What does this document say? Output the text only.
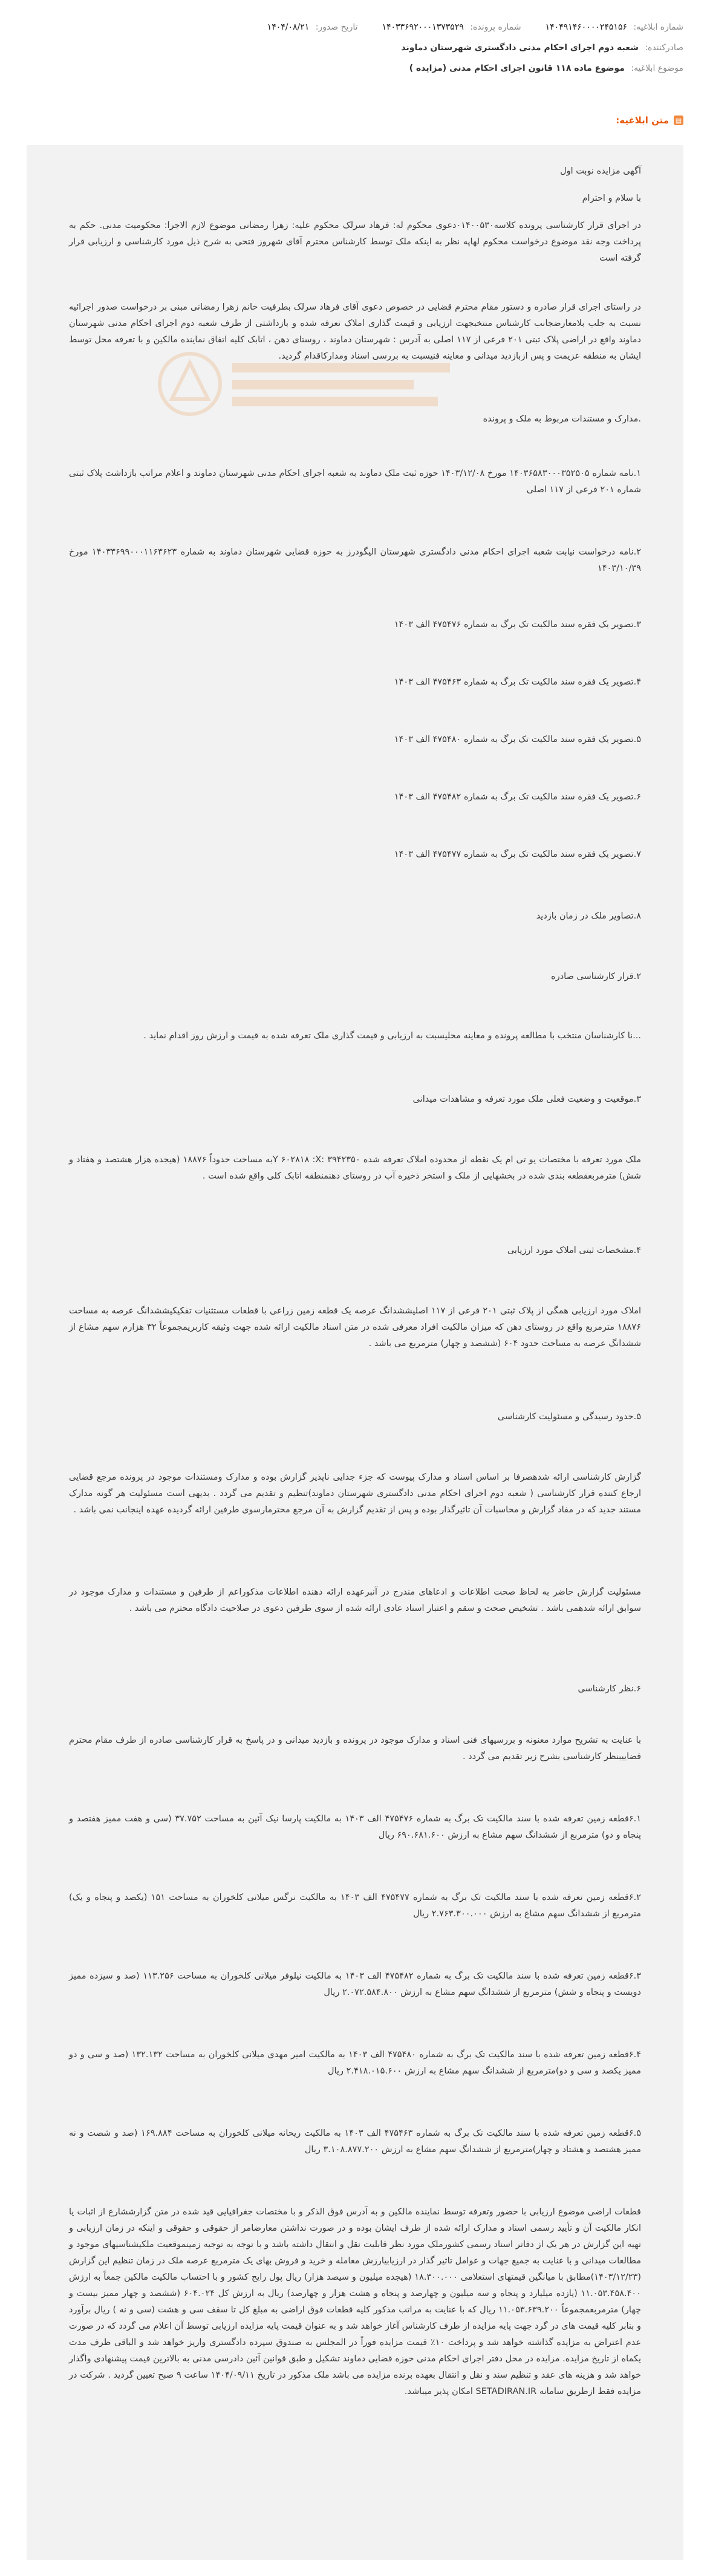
شماره ابلاغیه: ۱۴۰۴۹۱۴۶۰۰۰۰۲۴۵۱۵۶
شماره پرونده: ۱۴۰۳۳۶۹۲۰۰۰۱۳۷۳۵۲۹
تاریخ صدور: ۱۴۰۴/۰۸/۲۱
صادرکننده: شعبه دوم اجرای احکام مدنی دادگستری شهرستان دماوند
موضوع ابلاغیه: موضوع ماده ۱۱۸ قانون اجرای احکام مدنی (مزایده )
▤
متن ابلاغیه:

آگهی مزایده نوبت اول

با سلام و احترام

در اجرای قرار کارشناسی پرونده کلاسه۰۱۴۰۰۵۳۰دعوی محکوم له: فرهاد سرلک محکوم علیه: زهرا رمضانی موضوع لازم الاجرا: محکومیت مدنی. حکم به پرداخت وجه نقد موضوع درخواست محکوم لهاپه نظر به اینکه ملک توسط کارشناس محترم آقای شهروز فتحی به شرح ذیل مورد کارشناسی و ارزیابی قرار گرفته است

در راستای اجرای قرار صادره و دستور مقام محترم قضایی در خصوص دعوی آقای فرهاد سرلک بطرفیت خانم زهرا رمضانی مبنی بر درخواست صدور اجرائیه نسبت به جلب بلامعارضجانب کارشناس منتخبجهت ارزیابی و قیمت گذاری املاک تعرفه شده و بازداشتی از طرف شعبه دوم اجرای احکام مدنی شهرستان دماوند واقع در اراضی پلاک ثبتی ۲۰۱ فرعی از ۱۱۷ اصلی به آدرس : شهرستان دماوند ، روستای دهن ، اتابک کلیه اتفاق نماینده مالکین و با تعرفه محل توسط ایشان به منطقه عزیمت و پس ازبازدید میدانی و معاینه فنیسبت به بررسی اسناد ومدارکاقدام گردید.

.مدارک و مستندات مربوط به ملک و پرونده

۱.نامه شماره ۱۴۰۳۶۵۸۳۰۰۰۳۵۲۵۰۵ مورخ ۱۴۰۳/۱۲/۰۸ حوزه ثبت ملک دماوند به شعبه اجرای احکام مدنی شهرستان دماوند و اعلام مراتب بازداشت پلاک ثبتی شماره ۲۰۱ فرعی از ۱۱۷ اصلی

۲.نامه درخواست نیابت شعبه اجرای احکام مدنی دادگستری شهرستان الیگودرز به حوزه قضایی شهرستان دماوند به شماره ۱۴۰۳۳۶۹۹۰۰۰۱۱۶۳۶۲۳ مورخ ۱۴۰۳/۱۰/۳۹

۳.تصویر یک فقره سند مالکیت تک برگ به شماره ۴۷۵۴۷۶ الف ۱۴۰۳

۴.تصویر یک فقره سند مالکیت تک برگ به شماره ۴۷۵۴۶۳ الف ۱۴۰۳

۵.تصویر یک فقره سند مالکیت تک برگ به شماره ۴۷۵۴۸۰ الف ۱۴۰۳

۶.تصویر یک فقره سند مالکیت تک برگ به شماره ۴۷۵۴۸۲ الف ۱۴۰۳

۷.تصویر یک فقره سند مالکیت تک برگ به شماره ۴۷۵۴۷۷ الف ۱۴۰۳

۸.تصاویر ملک در زمان بازدید

۲.قرار کارشناسی صادره

...نا کارشناسان منتخب با مطالعه پرونده و معاینه محلیسبت به ارزیابی و قیمت گذاری ملک تعرفه شده به قیمت و ارزش روز اقدام نماید .

۳.موقعیت و وضعیت فعلی ملک مورد تعرفه و مشاهدات میدانی

ملک مورد تعرفه با مختصات یو تی ام یک نقطه از محدوده املاک تعرفه شده ۳۹۴۲۳۵۰ :Y ۶۰۲۸۱۸ :Xبه مساحت حدوداً ۱۸۸۷۶ (هیجده هزار هشتصد و هفتاد و شش) مترمربعقطعه بندی شده در بخشهایی از ملک و استخر ذخیره آب در روستای دهنمنطقه اتابک کلی واقع شده است .

۴.مشخصات ثبتی املاک مورد ارزیابی

املاک مورد ارزیابی همگی از پلاک ثبتی ۲۰۱ فرعی از ۱۱۷ اصلیششدانگ عرصه یک قطعه زمین زراعی با قطعات مستثنیات تفکیکیششدانگ عرصه به مساحت ۱۸۸۷۶ مترمربع واقع در روستای دهن که میزان مالکیت افراد معرفی شده در متن اسناد مالکیت ارائه شده جهت وثیقه کاربریمجموعاً ۳۲ هزارم سهم مشاع از ششدانگ عرصه به مساحت حدود ۶۰۴ (ششصد و چهار) مترمربع می باشد .

۵.حدود رسیدگی و مسئولیت کارشناسی

گزارش کارشناسی ارائه شدهصرفا بر اساس اسناد و مدارک پیوست که جزء جدایی ناپذیر گزارش بوده و مدارک ومستندات موجود در پرونده مرجع قضایی ارجاع کننده قرار کارشناسی ( شعبه دوم اجرای احکام مدنی دادگستری شهرستان دماوند)تنظیم و تقدیم می گردد . بدیهی است مسئولیت هر گونه مدارک مستند جدید که در مفاد گزارش و محاسبات آن تاثیرگذار بوده و پس از تقدیم گزارش به آن مرجع محترمارسوی طرفین ارائه گردیده عهده اینجانب نمی باشد .

مسئولیت گزارش حاضر به لحاظ صحت اطلاعات و ادعاهای مندرج در آنبرعهده ارائه دهنده اطلاعات مذکوراعم از طرفین و مستندات و مدارک موجود در سوابق ارائه شدهمی باشد . تشخیص صحت و سقم و اعتبار اسناد عادی ارائه شده از سوی طرفین دعوی در صلاحیت دادگاه محترم می باشد .

۶.نظر کارشناسی

با عنایت به تشریح موارد معنونه و بررسیهای فنی اسناد و مدارک موجود در پرونده و بازدید میدانی و در پاسخ به قرار کارشناسی صادره از طرف مقام محترم قضاییبنظر کارشناسی بشرح زیر تقدیم می گردد .

۶.۱قطعه زمین تعرفه شده با سند مالکیت تک برگ به شماره ۴۷۵۴۷۶ الف ۱۴۰۳ به مالکیت پارسا نیک آئین به مساحت ۳۷.۷۵۲ (سی و هفت ممیز هفتصد و پنجاه و دو) مترمربع از ششدانگ سهم مشاع به ارزش ۶۹۰.۶۸۱.۶۰۰ ریال

۶.۲قطعه زمین تعرفه شده با سند مالکیت تک برگ به شماره ۴۷۵۴۷۷ الف ۱۴۰۳ به مالکیت نرگس میلانی کلخوران به مساحت ۱۵۱ (یکصد و پنجاه و یک) مترمربع از ششدانگ سهم مشاع به ارزش ۲.۷۶۳.۳۰۰.۰۰۰ ریال

۶.۳قطعه زمین تعرفه شده با سند مالکیت تک برگ به شماره ۴۷۵۴۸۲ الف ۱۴۰۳ به مالکیت نیلوفر میلانی کلخوران به مساحت ۱۱۳.۲۵۶ (صد و سیزده ممیز دویست و پنجاه و شش) مترمربع از ششدانگ سهم مشاع به ارزش ۲.۰۷۲.۵۸۴.۸۰۰ ریال

۶.۴قطعه زمین تعرفه شده با سند مالکیت تک برگ به شماره ۴۷۵۴۸۰ الف ۱۴۰۳ به مالکیت امیر مهدی میلانی کلخوران به مساحت ۱۳۲.۱۳۲ (صد و سی و دو ممیز یکصد و سی و دو)مترمربع از ششدانگ سهم مشاع به ارزش ۲.۴۱۸.۰۱۵.۶۰۰ ریال

۶.۵قطعه زمین تعرفه شده با سند مالکیت تک برگ به شماره ۴۷۵۴۶۳ الف ۱۴۰۳ به مالکیت ریحانه میلانی کلخوران به مساحت ۱۶۹.۸۸۴ (صد و شصت و نه ممیز هشتصد و هشتاد و چهار)مترمربع از ششدانگ سهم مشاع به ارزش ۳.۱۰۸.۸۷۷.۲۰۰ ریال

قطعات اراضی موضوع ارزیابی با حضور وتعرفه توسط نماینده مالکین و به آدرس فوق الذکر و با مختصات جغرافیایی قید شده در متن گزارششارع از اثبات یا انکار مالکیت آن و تأیید رسمی اسناد و مدارک ارائه شده از طرف ایشان بوده و در صورت نداشتن معارضامر از حقوقی و حقوقی و اینکه در زمان ارزیابی و تهیه این گزارش در هر یک از دفاتر اسناد رسمی کشورملک مورد نظر قابلیت نقل و انتقال داشته باشد و با توجه به توجیه زمینموقعیت ملکیشناسیهای موجود و مطالعات میدانی و با عنایت به جمیع جهات و عوامل تاثیر گذار در ارزیابیارزش معامله و خرید و فروش بهای یک مترمربع عرصه ملک در زمان تنظیم این گزارش (۱۴۰۳/۱۲/۲۳)مطابق با میانگین قیمتهای استعلامی ۱۸.۳۰۰.۰۰۰ (هیجده میلیون و سیصد هزار) ریال پول رایج کشور و با احتساب مالکیت مالکین جمعاً به ارزش ۱۱.۰۵۳.۴۵۸.۴۰۰ (یازده میلیارد و پنجاه و سه میلیون و چهارصد و پنجاه و هشت هزار و چهارصد) ریال به ارزش کل ۶۰۴.۰۲۴ (ششصد و چهار ممیز بیست و چهار) مترمربعمجموعاً ۱۱.۰۵۳.۶۳۹.۲۰۰ ریال که با عنایت به مراتب مذکور کلیه قطعات فوق اراضی به مبلغ کل تا سقف سی و هشت (سی و نه ) ریال برآورد و بنابر کلیه قیمت های در گرد جهت پایه مزایده از طرف کارشناس آغاز خواهد شد و به عنوان قیمت پایه مزایده ارزیابی توسط آن اعلام می گردد که در صورت عدم اعتراض به مزایده گذاشته خواهد شد و پرداخت ۱۰٪ قیمت مزایده فوراً در المجلس به صندوق سپرده دادگستری واریز خواهد شد و الباقی ظرف مدت یکماه از تاریخ مزایده. مزایده در محل دفتر اجرای احکام مدنی حوزه قضایی دماوند تشکیل و طبق قوانین آئین دادرسی مدنی به بالاترین قیمت پیشنهادی واگذار خواهد شد و هزینه های عقد و تنظیم سند و نقل و انتقال بعهده برنده مزایده می باشد ملک مذکور در تاریخ ۱۴۰۴/۰۹/۱۱ ساعت ۹ صبح تعیین گردید . شرکت در مزایده فقط ازطریق سامانه SETADIRAN.IR امکان پذیر میباشد.
